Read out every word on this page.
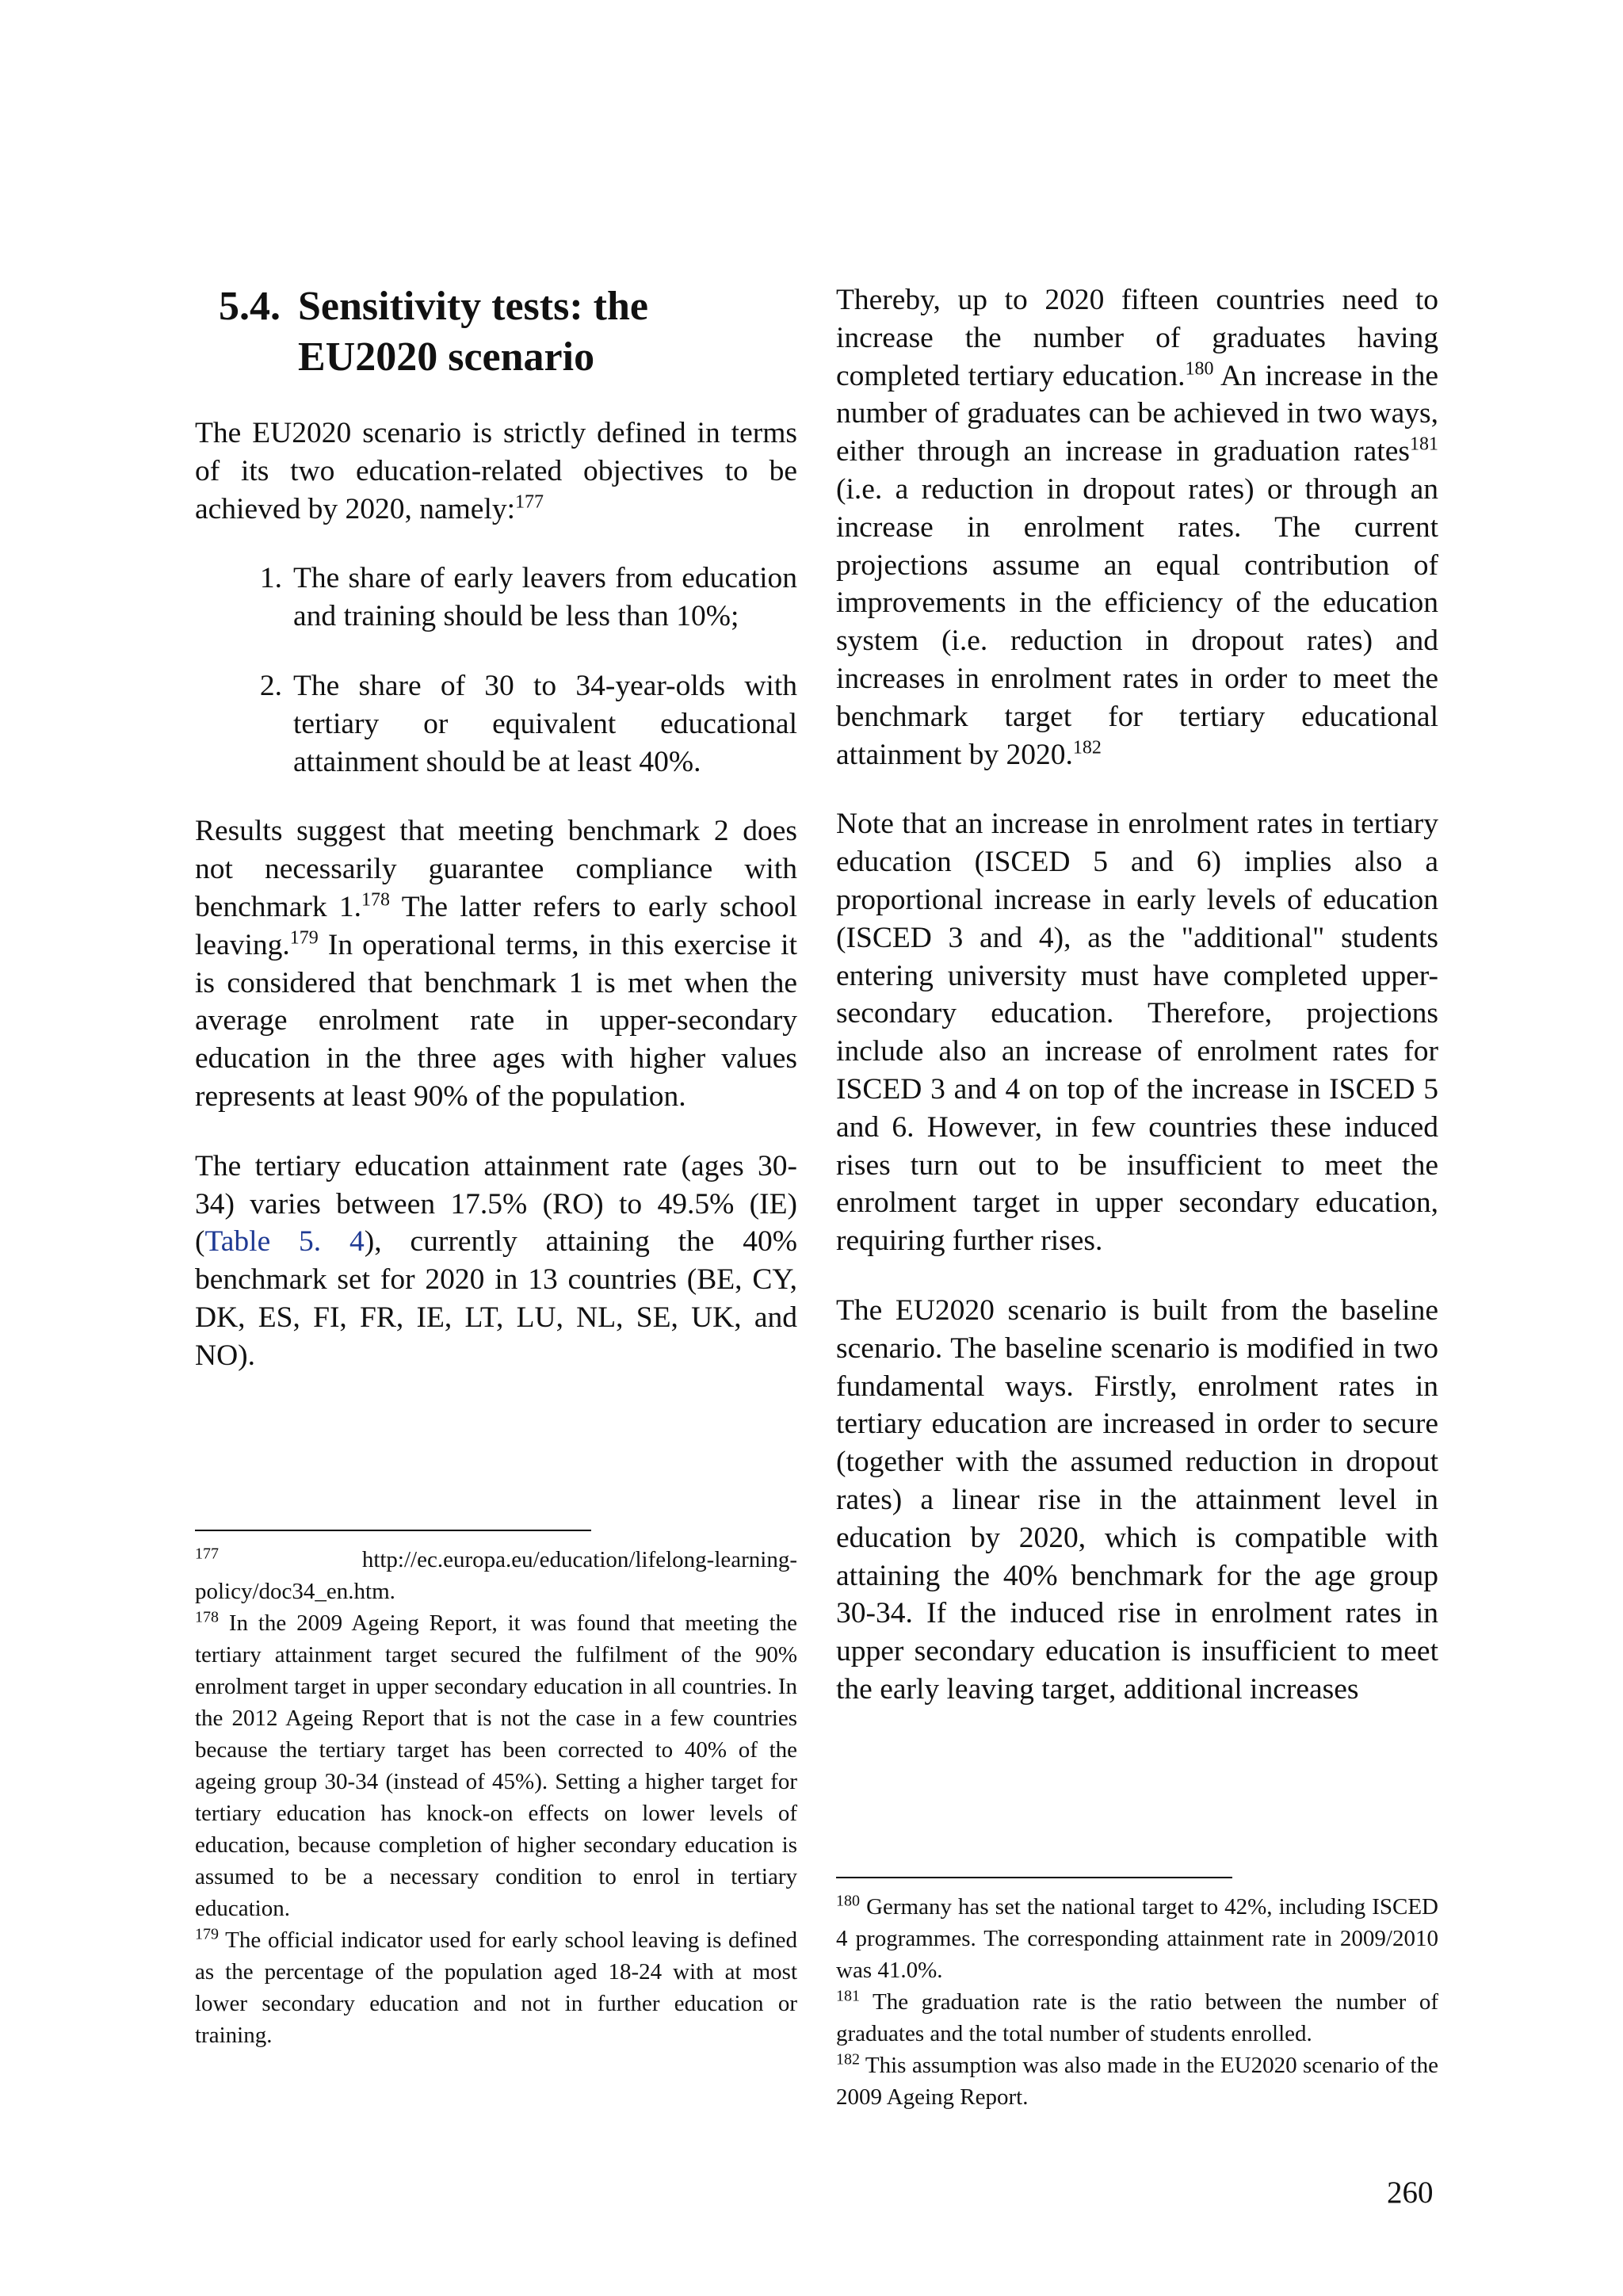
5.4. Sensitivity tests: the EU2020 scenario

The EU2020 scenario is strictly defined in terms of its two education-related objectives to be achieved by 2020, namely:$^{177}$

1. The share of early leavers from education and training should be less than 10%;
2. The share of 30 to 34-year-olds with tertiary or equivalent educational attainment should be at least 40%.

Results suggest that meeting benchmark 2 does not necessarily guarantee compliance with benchmark 1.$^{178}$ The latter refers to early school leaving.$^{179}$ In operational terms, in this exercise it is considered that benchmark 1 is met when the average enrolment rate in upper-secondary education in the three ages with higher values represents at least 90% of the population.

The tertiary education attainment rate (ages 30-34) varies between 17.5% (RO) to 49.5% (IE) (Table 5. 4), currently attaining the 40% benchmark set for 2020 in 13 countries (BE, CY, DK, ES, FI, FR, IE, LT, LU, NL, SE, UK, and NO).

Thereby, up to 2020 fifteen countries need to increase the number of graduates having completed tertiary education.$^{180}$ An increase in the number of graduates can be achieved in two ways, either through an increase in graduation rates$^{181}$ (i.e. a reduction in dropout rates) or through an increase in enrolment rates. The current projections assume an equal contribution of improvements in the efficiency of the education system (i.e. reduction in dropout rates) and increases in enrolment rates in order to meet the benchmark target for tertiary educational attainment by 2020.$^{182}$

Note that an increase in enrolment rates in tertiary education (ISCED 5 and 6) implies also a proportional increase in early levels of education (ISCED 3 and 4), as the "additional" students entering university must have completed upper-secondary education. Therefore, projections include also an increase of enrolment rates for ISCED 3 and 4 on top of the increase in ISCED 5 and 6. However, in few countries these induced rises turn out to be insufficient to meet the enrolment target in upper secondary education, requiring further rises.

The EU2020 scenario is built from the baseline scenario. The baseline scenario is modified in two fundamental ways. Firstly, enrolment rates in tertiary education are increased in order to secure (together with the assumed reduction in dropout rates) a linear rise in the attainment level in education by 2020, which is compatible with attaining the 40% benchmark for the age group 30-34. If the induced rise in enrolment rates in upper secondary education is insufficient to meet the early leaving target, additional increases

$^{177}$	http://ec.europa.eu/education/lifelong-learning-policy/doc34_en.htm.

$^{178}$ In the 2009 Ageing Report, it was found that meeting the tertiary attainment target secured the fulfilment of the 90% enrolment target in upper secondary education in all countries. In the 2012 Ageing Report that is not the case in a few countries because the tertiary target has been corrected to 40% of the ageing group 30-34 (instead of 45%). Setting a higher target for tertiary education has knock-on effects on lower levels of education, because completion of higher secondary education is assumed to be a necessary condition to enrol in tertiary education.

$^{179}$ The official indicator used for early school leaving is defined as the percentage of the population aged 18-24 with at most lower secondary education and not in further education or training.

$^{180}$ Germany has set the national target to 42%, including ISCED 4 programmes. The corresponding attainment rate in 2009/2010 was 41.0%.

$^{181}$ The graduation rate is the ratio between the number of graduates and the total number of students enrolled.

$^{182}$ This assumption was also made in the EU2020 scenario of the 2009 Ageing Report.

260
